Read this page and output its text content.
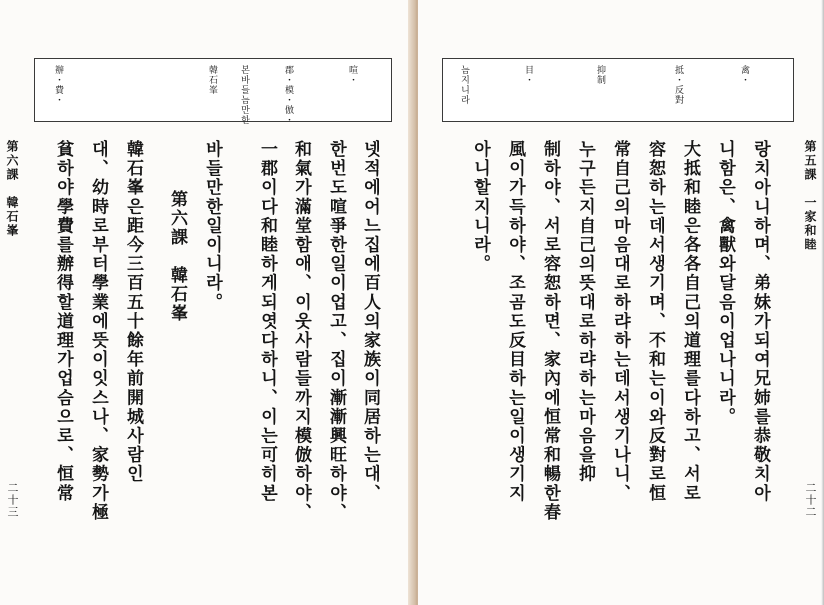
辦・費・	韓石峯 본바들늠만한	郡・模・倣・	喧・
第六課　韓石峯
二十三	넷적에어느집에百人의家族이同居하는대、
한번도喧爭한일이업고、집이漸漸興旺하야、
和氣가滿堂함애、이웃사람들까지模倣하야、
一郡이다和睦하게되엿다하니、이는可히본
바들만한일이니라。
第六課　韓石峯
韓石峯은距今三百五十餘年前開城사람인
대、幼時로부터學業에뜻이잇스나、家勢가極
貧하야學費를辦得할道理가업슴으로、恒常
늠지니라	目・	抑制	抵・反對	禽・
第五課　一家和睦
二十二
랑치아니하며、弟妹가되여兄姉를恭敬치아
니함은、禽獸와달음이업나니라。
大抵和睦은各各自己의道理를다하고、서로
容恕하는데서생기며、不和는이와反對로恒
常自己의마음대로하랴하는데서생기나니、
누구든지自己의뜻대로하랴하는마음을抑
制하야、서로容恕하면、家內에恒常和暢한春
風이가득하야、조곰도反目하는일이생기지
아니할지니라。
